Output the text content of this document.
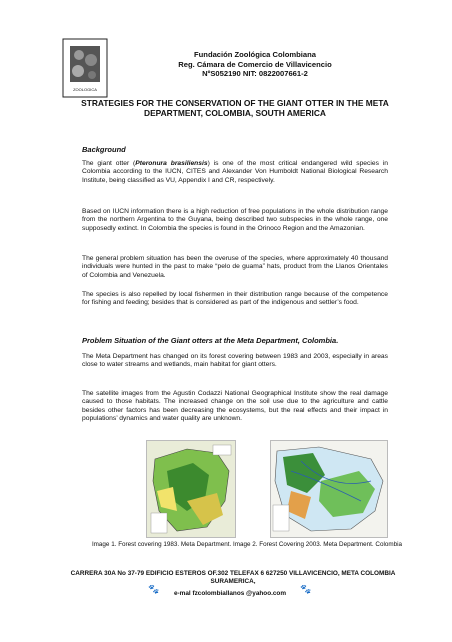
ZOOLOGICA
Fundación Zoológica Colombiana
Reg. Cámara de Comercio de Villavicencio
NºS052190 NIT: 0822007661-2
STRATEGIES FOR THE CONSERVATION OF THE GIANT OTTER IN THE META DEPARTMENT, COLOMBIA, SOUTH AMERICA
Background
The giant otter (Pteronura brasiliensis) is one of the most critical endangered wild species in Colombia according to the IUCN, CITES and Alexander Von Humboldt National Biological Research Institute, being classified as VU, Appendix I and CR, respectively.
Based on IUCN information there is a high reduction of free populations in the whole distribution range from the northern Argentina to the Guyana, being described two subspecies in the whole range, one supposedly extinct. In Colombia the species is found in the Orinoco Region and the Amazonian.
The general problem situation has been the overuse of the species, where approximately 40 thousand individuals were hunted in the past to make “pelo de guama” hats, product from the Llanos Orientales of Colombia and Venezuela.
The species is also repelled by local fishermen in their distribution range because of the competence for fishing and feeding; besides that is considered as part of the indigenous and settler’s food.
Problem Situation of the Giant otters at the Meta Department, Colombia.
The Meta Department has changed on its forest covering between 1983 and 2003, especially in areas close to water streams and wetlands, main habitat for giant otters.
The satellite images from the Agustin Codazzi National Geographical Institute show the real damage caused to those habitats. The increased change on the soil use due to the agriculture and cattle besides other factors has been decreasing the ecosystems, but the real effects and their impact in populations’ dynamics and water quality are unknown.
Image 1. Forest covering 1983. Meta Department. Image 2. Forest Covering 2003. Meta Department. Colombia
CARRERA 30A No 37-79 EDIFICIO ESTEROS OF.302 TELEFAX 6 627250 VILLAVICENCIO, META COLOMBIA SURAMERICA,
🐾	e-mal fzcolombiallanos @yahoo.com	🐾
